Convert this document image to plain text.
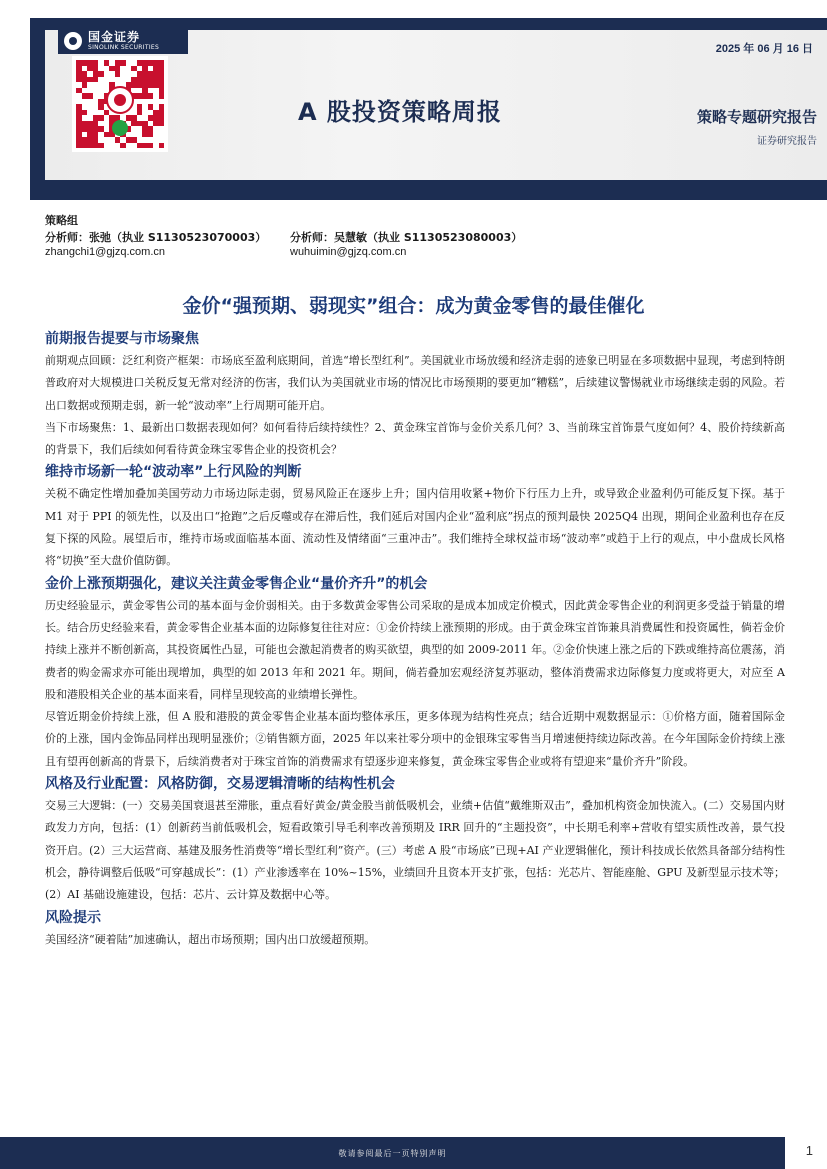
国金证券
SINOLINK SECURITIES	2025 年 06 月 16 日
A 股投资策略周报	策略专题研究报告
证券研究报告
策略组
分析师：张弛（执业 S1130523070003）
zhangchi1@gjzq.com.cn
分析师：吴慧敏（执业 S1130523080003）
wuhuimin@gjzq.com.cn
金价“强预期、弱现实”组合：成为黄金零售的最佳催化
前期报告提要与市场聚焦

前期观点回顾：泛红利资产框架：市场底至盈利底期间，首选“增长型红利”。美国就业市场放缓和经济走弱的迹象已明显在多项数据中显现，考虑到特朗普政府对大规模进口关税反复无常对经济的伤害，我们认为美国就业市场的情况比市场预期的要更加“糟糕”，后续建议警惕就业市场继续走弱的风险。若出口数据或预期走弱，新一轮“波动率”上行周期可能开启。

当下市场聚焦：1、最新出口数据表现如何？如何看待后续持续性？2、黄金珠宝首饰与金价关系几何？3、当前珠宝首饰景气度如何？4、股价持续新高的背景下，我们后续如何看待黄金珠宝零售企业的投资机会？

维持市场新一轮“波动率”上行风险的判断

关税不确定性增加叠加美国劳动力市场边际走弱，贸易风险正在逐步上升；国内信用收紧+物价下行压力上升，或导致企业盈利仍可能反复下探。基于 M1 对于 PPI 的领先性，以及出口“抢跑”之后反噬或存在滞后性，我们延后对国内企业“盈利底”拐点的预判最快 2025Q4 出现，期间企业盈利也存在反复下探的风险。展望后市，维持市场或面临基本面、流动性及情绪面“三重冲击”。我们维持全球权益市场“波动率”或趋于上行的观点，中小盘成长风格将“切换”至大盘价值防御。

金价上涨预期强化，建议关注黄金零售企业“量价齐升”的机会

历史经验显示，黄金零售公司的基本面与金价弱相关。由于多数黄金零售公司采取的是成本加成定价模式，因此黄金零售企业的利润更多受益于销量的增长。结合历史经验来看，黄金零售企业基本面的边际修复往往对应：①金价持续上涨预期的形成。由于黄金珠宝首饰兼具消费属性和投资属性，倘若金价持续上涨并不断创新高，其投资属性凸显，可能也会激起消费者的购买欲望，典型的如 2009-2011 年。②金价快速上涨之后的下跌或维持高位震荡，消费者的购金需求亦可能出现增加，典型的如 2013 年和 2021 年。期间，倘若叠加宏观经济复苏驱动，整体消费需求边际修复力度或将更大，对应至 A 股和港股相关企业的基本面来看，同样呈现较高的业绩增长弹性。

尽管近期金价持续上涨，但 A 股和港股的黄金零售企业基本面均整体承压，更多体现为结构性亮点；结合近期中观数据显示：①价格方面，随着国际金价的上涨，国内金饰品同样出现明显涨价；②销售额方面，2025 年以来社零分项中的金银珠宝零售当月增速便持续边际改善。在今年国际金价持续上涨且有望再创新高的背景下，后续消费者对于珠宝首饰的消费需求有望逐步迎来修复，黄金珠宝零售企业或将有望迎来“量价齐升”阶段。

风格及行业配置：风格防御，交易逻辑清晰的结构性机会

交易三大逻辑：(一）交易美国衰退甚至滞胀，重点看好黄金/黄金股当前低吸机会，业绩+估值“戴维斯双击”，叠加机构资金加快流入。(二）交易国内财政发力方向，包括：(1）创新药当前低吸机会，短看政策引导毛利率改善预期及 IRR 回升的“主题投资”，中长期毛利率+营收有望实质性改善，景气投资开启。(2）三大运营商、基建及服务性消费等“增长型红利”资产。(三）考虑 A 股“市场底”已现+AI 产业逻辑催化，预计科技成长依然具备部分结构性机会，静待调整后低吸“可穿越成长”：(1）产业渗透率在 10%~15%，业绩回升且资本开支扩张，包括：光芯片、智能座舱、GPU 及新型显示技术等；(2）AI 基础设施建设，包括：芯片、云计算及数据中心等。

风险提示

美国经济“硬着陆”加速确认，超出市场预期；国内出口放缓超预期。

敬请参阅最后一页特别声明	1
